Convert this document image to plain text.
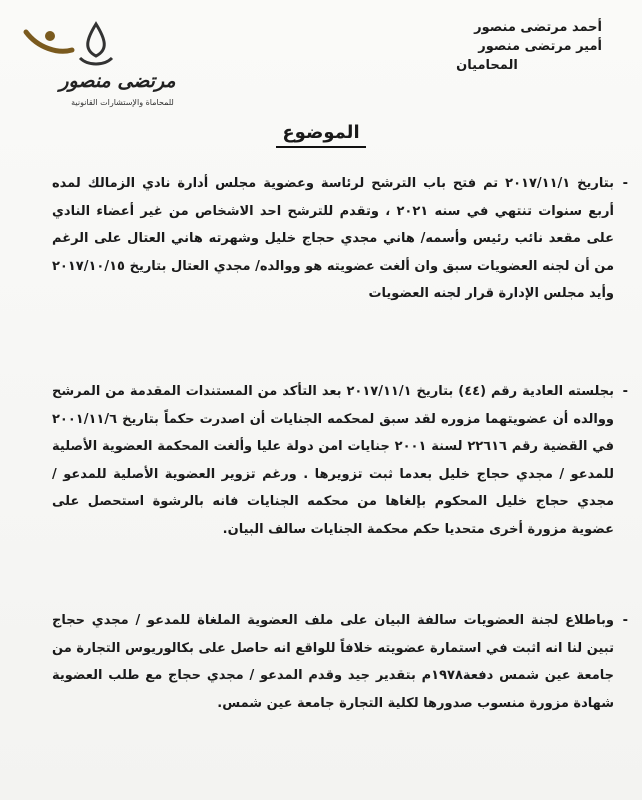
أحمد مرتضى منصور
أمير مرتضى منصور
المحاميان
مرتضى منصور
للمحاماة والإستشارات القانونية
الموضوع
-
بتاريخ ٢٠١٧/١١/١ تم فتح باب الترشح لرئاسة وعضوية مجلس أدارة نادي الزمالك لمده أربع سنوات تنتهي في سنه ٢٠٢١ ، وتقدم للترشح احد الاشخاص من غير أعضاء النادي على مقعد نائب رئيس وأسمه/ هاني مجدي حجاج خليل وشهرته هاني العتال على الرغم من أن لجنه العضويات سبق وان ألغت عضويته هو ووالده/ مجدي العتال بتاريخ ٢٠١٧/١٠/١٥ وأيد مجلس الإدارة قرار لجنه العضويات
-
بجلسته العادية رقم (٤٤) بتاريخ ٢٠١٧/١١/١ بعد التأكد من المستندات المقدمة من المرشح ووالده أن عضويتهما مزوره لقد سبق لمحكمه الجنايات أن اصدرت حكماً بتاريخ ٢٠٠١/١١/٦ في القضية رقم ٢٢٦١٦ لسنة ٢٠٠١ جنايات امن دولة عليا وألغت المحكمة العضوية الأصلية للمدعو / مجدي حجاج خليل بعدما ثبت تزويرها . ورغم تزوير العضوية الأصلية للمدعو / مجدي حجاج خليل المحكوم بإلغاها من محكمه الجنايات فانه بالرشوة استحصل على عضوية مزورة أخرى متحديا حكم محكمة الجنايات سالف البيان.
-
وباطلاع لجنة العضويات سالفة البيان على ملف العضوية الملغاة للمدعو / مجدي حجاج تبين لنا انه اثبت في استمارة عضويته خلافاً للواقع انه حاصل على بكالوريوس التجارة من جامعة عين شمس دفعة١٩٧٨م بتقدير جيد وقدم المدعو / مجدي حجاج مع طلب العضوية شهادة مزورة منسوب صدورها لكلية التجارة جامعة عين شمس.
